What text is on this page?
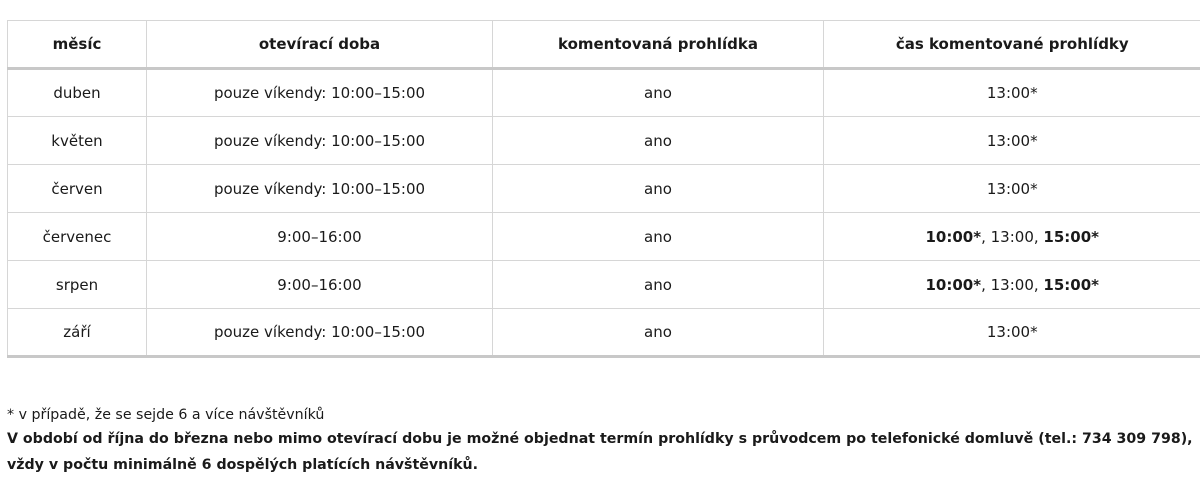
měsíc	otevírací doba	komentovaná prohlídka	čas komentované prohlídky
duben	pouze víkendy: 10:00–15:00	ano	13:00*
květen	pouze víkendy: 10:00–15:00	ano	13:00*
červen	pouze víkendy: 10:00–15:00	ano	13:00*
červenec	9:00–16:00	ano	10:00*, 13:00, 15:00*
srpen	9:00–16:00	ano	10:00*, 13:00, 15:00*
září	pouze víkendy: 10:00–15:00	ano	13:00*
* v případě, že se sejde 6 a více návštěvníků
V období od října do března nebo mimo otevírací dobu je možné objednat termín prohlídky s průvodcem po telefonické domluvě (tel.: 734 309 798), vždy v počtu minimálně 6 dospělých platících návštěvníků.
